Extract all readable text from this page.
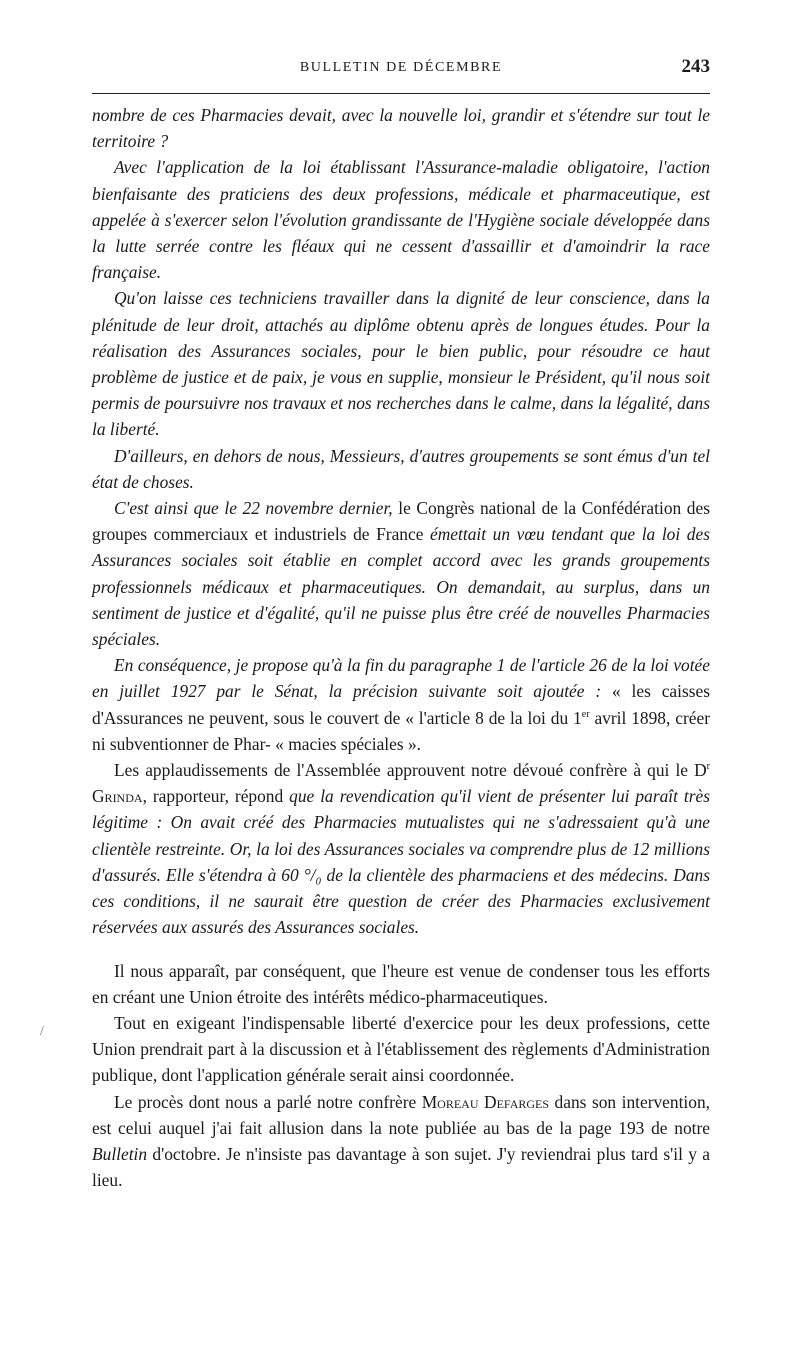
BULLETIN DE DÉCEMBRE	243
/

nombre de ces Pharmacies devait, avec la nouvelle loi, grandir et s'étendre sur tout le territoire ?

Avec l'application de la loi établissant l'Assurance-maladie obligatoire, l'action bienfaisante des praticiens des deux professions, médicale et pharmaceutique, est appelée à s'exercer selon l'évolution grandissante de l'Hygiène sociale développée dans la lutte serrée contre les fléaux qui ne cessent d'assaillir et d'amoindrir la race française.

Qu'on laisse ces techniciens travailler dans la dignité de leur conscience, dans la plénitude de leur droit, attachés au diplôme obtenu après de longues études. Pour la réalisation des Assurances sociales, pour le bien public, pour résoudre ce haut problème de justice et de paix, je vous en supplie, monsieur le Président, qu'il nous soit permis de poursuivre nos travaux et nos recherches dans le calme, dans la légalité, dans la liberté.

D'ailleurs, en dehors de nous, Messieurs, d'autres groupements se sont émus d'un tel état de choses.

C'est ainsi que le 22 novembre dernier, le Congrès national de la Confédération des groupes commerciaux et industriels de France émettait un vœu tendant que la loi des Assurances sociales soit établie en complet accord avec les grands groupements professionnels médicaux et pharmaceutiques. On demandait, au surplus, dans un sentiment de justice et d'égalité, qu'il ne puisse plus être créé de nouvelles Pharmacies spéciales.

En conséquence, je propose qu'à la fin du paragraphe 1 de l'article 26 de la loi votée en juillet 1927 par le Sénat, la précision suivante soit ajoutée : « les caisses d'Assurances ne peuvent, sous le couvert de « l'article 8 de la loi du 1er avril 1898, créer ni subventionner de Phar- « macies spéciales ».

Les applaudissements de l'Assemblée approuvent notre dévoué confrère à qui le $D^r$ Grinda, rapporteur, répond que la revendication qu'il vient de présenter lui paraît très légitime : On avait créé des Pharmacies mutualistes qui ne s'adressaient qu'à une clientèle restreinte. Or, la loi des Assurances sociales va comprendre plus de 12 millions d'assurés. Elle s'étendra à 60 °/₀ de la clientèle des pharmaciens et des médecins. Dans ces conditions, il ne saurait être question de créer des Pharmacies exclusivement réservées aux assurés des Assurances sociales.

Il nous apparaît, par conséquent, que l'heure est venue de condenser tous les efforts en créant une Union étroite des intérêts médico-pharmaceutiques.

Tout en exigeant l'indispensable liberté d'exercice pour les deux professions, cette Union prendrait part à la discussion et à l'établissement des règlements d'Administration publique, dont l'application générale serait ainsi coordonnée.

Le procès dont nous a parlé notre confrère Moreau Defarges dans son intervention, est celui auquel j'ai fait allusion dans la note publiée au bas de la page 193 de notre Bulletin d'octobre. Je n'insiste pas davantage à son sujet. J'y reviendrai plus tard s'il y a lieu.
